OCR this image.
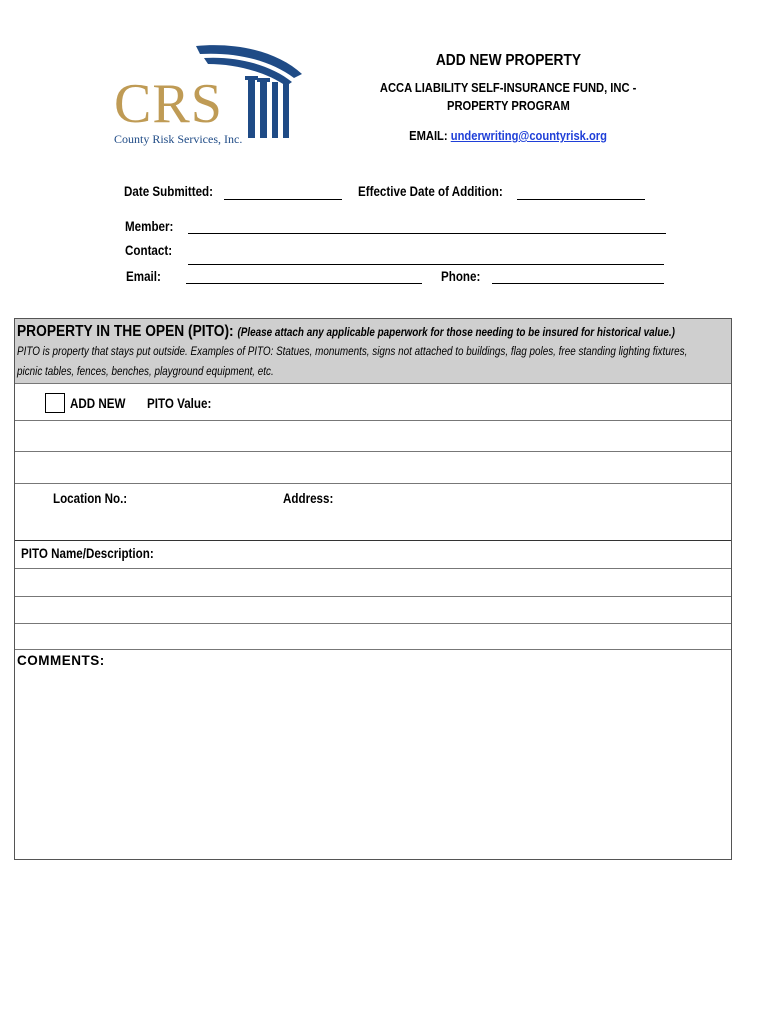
CRS
County Risk Services, Inc.
ADD NEW PROPERTY
ACCA LIABILITY SELF-INSURANCE FUND, INC -
PROPERTY PROGRAM
EMAIL: underwriting@countyrisk.org
Date Submitted:	Effective Date of Addition:
Member:
Contact:
Email:	Phone:
PROPERTY IN THE OPEN (PITO): (Please attach any applicable paperwork for those needing to be insured for historical value.)
PITO is property that stays put outside. Examples of PITO: Statues, monuments, signs not attached to buildings, flag poles, free standing lighting fixtures,
picnic tables, fences, benches, playground equipment, etc.
ADD NEW	PITO Value:
Location No.:	Address:
PITO Name/Description:
COMMENTS:
